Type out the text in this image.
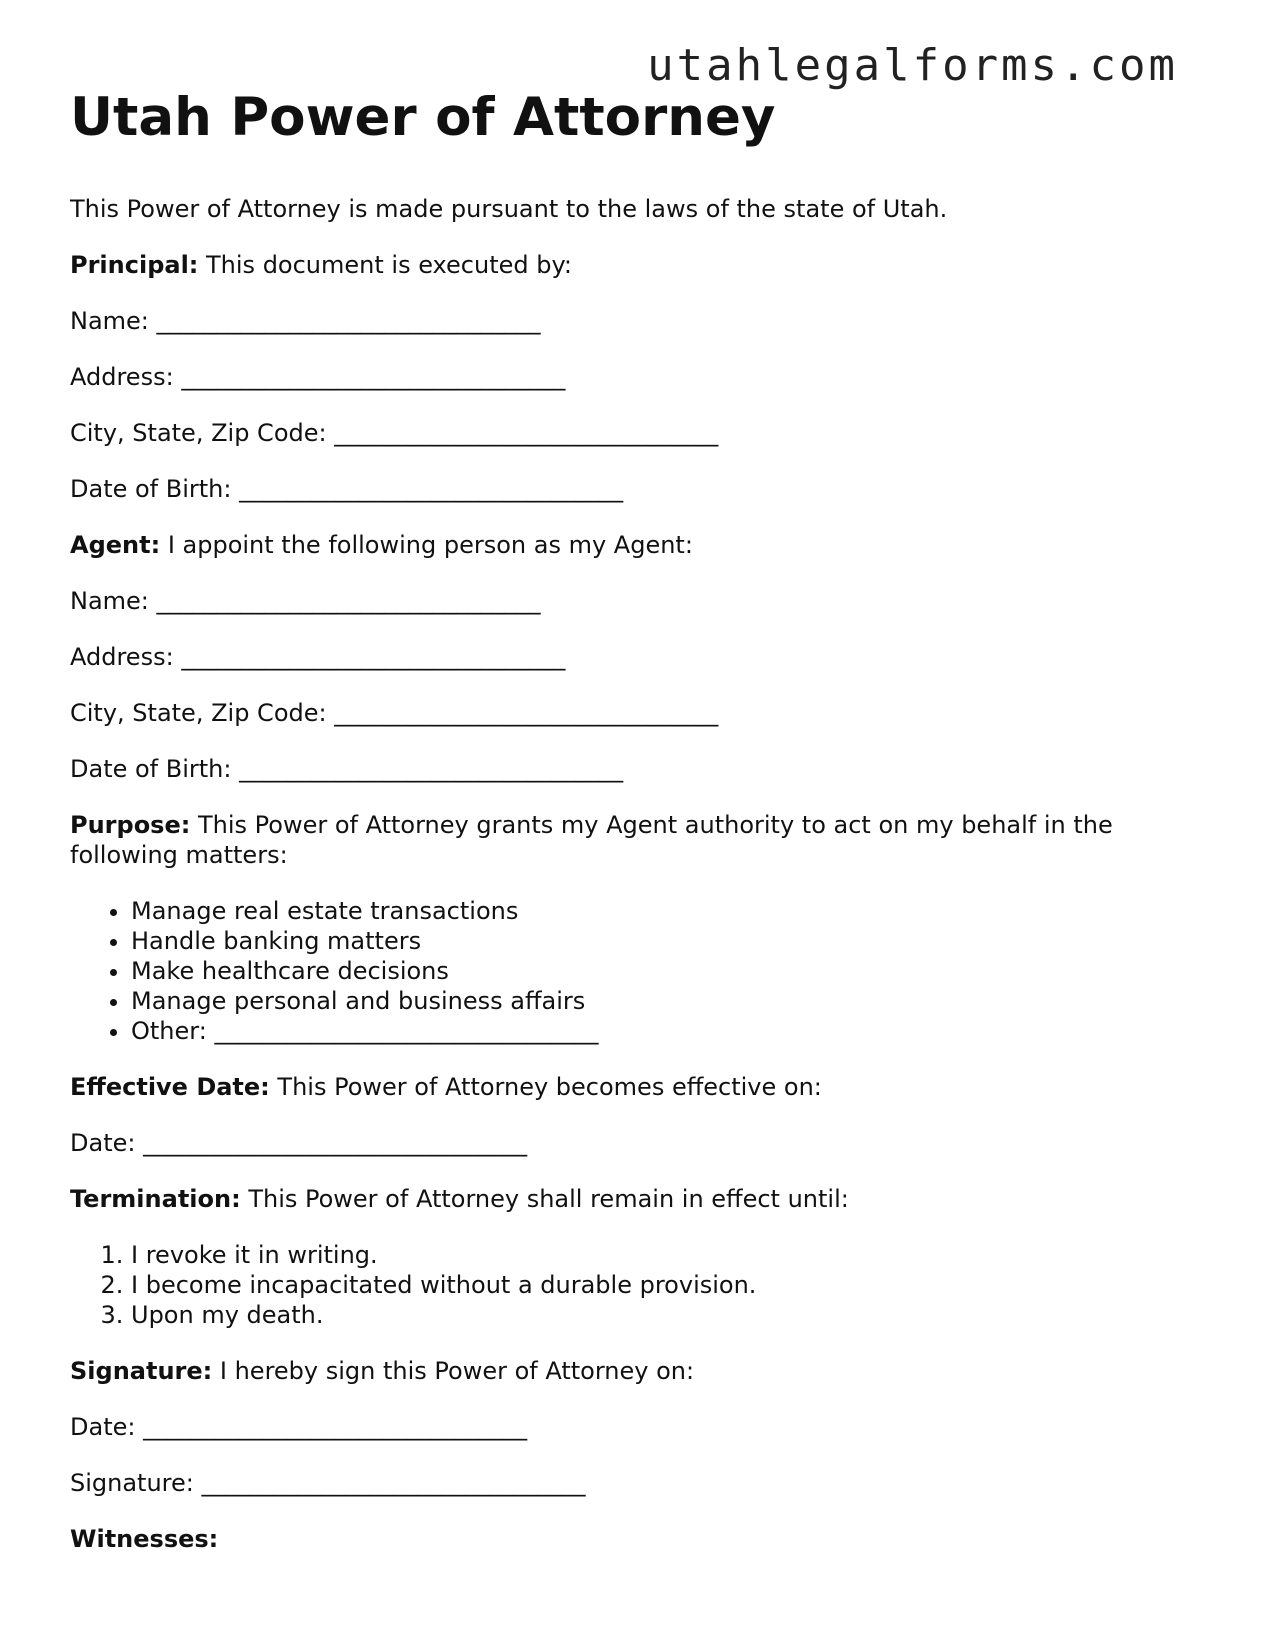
utahlegalforms.com
Utah Power of Attorney

This Power of Attorney is made pursuant to the laws of the state of Utah.

Principal: This document is executed by:

Name: ________________________________

Address: ________________________________

City, State, Zip Code: ________________________________

Date of Birth: ________________________________

Agent: I appoint the following person as my Agent:

Name: ________________________________

Address: ________________________________

City, State, Zip Code: ________________________________

Date of Birth: ________________________________

Purpose: This Power of Attorney grants my Agent authority to act on my behalf in the following matters:

• Manage real estate transactions
• Handle banking matters
• Make healthcare decisions
• Manage personal and business affairs
• Other: ________________________________

Effective Date: This Power of Attorney becomes effective on:

Date: ________________________________

Termination: This Power of Attorney shall remain in effect until:

1. I revoke it in writing.
2. I become incapacitated without a durable provision.
3. Upon my death.

Signature: I hereby sign this Power of Attorney on:

Date: ________________________________

Signature: ________________________________

Witnesses:
